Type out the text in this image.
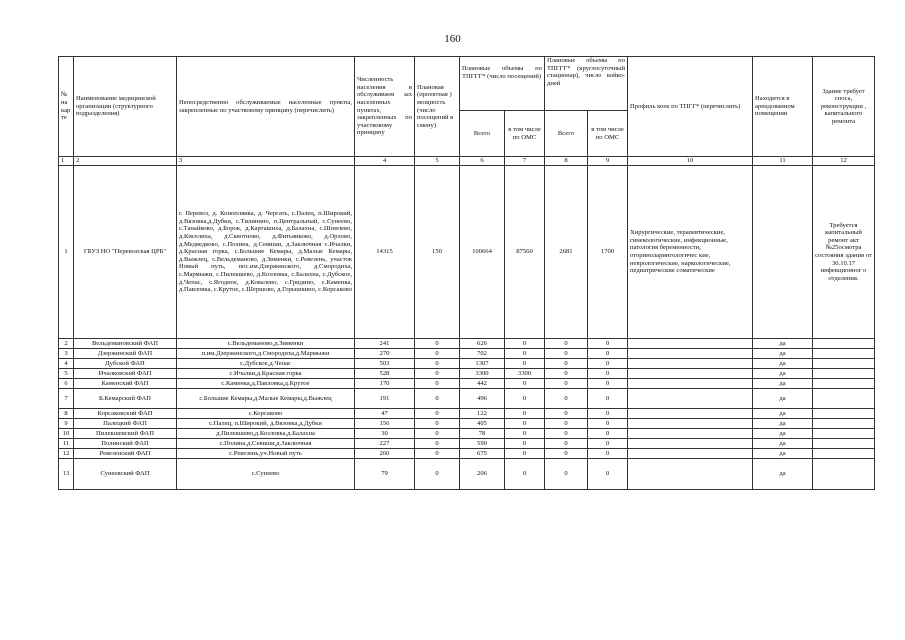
160
№ на кар те	Наименование медицинской организации (структурного подразделения)	Непосредственно обслуживаемые населенные пункты, закрепленные по участковому принципу (перечислить)	Численность населения в обслуживаем ых населенных пунктах, закрепленных по участковому принципу	Плановая (проектная ) мощность (число посещений в смену)	Плановые объемы по ТПГГГ* (число посещений)		Плановые объемы по ТПГГГ* (круглосуточный стационар), число койко-дней		Профиль коек по ТПГГ* (перечислить)	Находится в арендованном помещении	Здание требует сноса, реконструкции , капитального ремонта
					Всего	в том числе по ОМС	Всего	в том числе по ОМС			
1	2	3	4	5	6	7	8	9	10	11	12
1	ГБУЗ НО "Перевозская ЦРБ"	г. Перевоз, д. Конопляика, д. Чергать, с.Палец, п.Широкий, д.Вязовка,д.Дубки, с.Тилинино, п.Центральный, с.Сунеево, с.Танайково, д.Борок, д.Карташиха, д.Балахна, с.Шпилево, д.Киселиха, д.Сквотново, д.Фитьяиково, д.Орлово, д.Медведково, с.Полина, д.Севиши, д.Заключная с.Ичалки, д.Красная горка, с.Большие Кемары, д.Малые Кемары, д.Выжлец, с.Вельдеманово, д.Зименки, с.Ревезень, участок Новый путь, пос.им.Дзержинского, д.Смородиха, с.Мармыжи, с.Пилекшево, д.Козловка, с.Балахна, с.Дубское, д.Чепас, с.Ягодное, д.Ковалево, с.Гридино, с.Каменка, д.Павловка, с.Крутое, с.Шершово, д.Горышкино, с.Корсаково	14315	150	100664	87560	2681	1700	Хирургические, терапевтические, гинекологические, инфекционные, патология беременности, оториноларингологичес кие, неврологические, наркологические, педиатрические соматические		Требуется капитальный ремонт акт №25осмотра состояния здания от 30.10.17 инфекционног о отделения.
2	Вельдемановский ФАП	с.Вельдеманово,д.Зименки	241	0	626	0	0	0		да	
3	Дзержинский ФАП	п.им.Дзержинского,д.Смородиха,д.Мармыжи	270	0	702	0	0	0		да	
4	Дубской ФАП	с.Дубское,д.Чепас	503	0	1307	0	0	0		да	
5	Ичалковский ФАП	с.Ичалки,д.Красная горка	528	0	3300	3300	0	0		да	
6	Каменский ФАП	с.Каменка,д.Павловка,д.Крутое	170	0	442	0	0	0		да	
7	Б.Кемарский ФАП	с.Большие Кемары,д.Малые Кемары,д.Выжлец	191	0	496	0	0	0		да	
8	Корсаковский ФАП	с.Корсаково	47	0	122	0	0	0		да	
9	Палецкий ФАП	с.Палец, п.Широкий, д.Вязовка,д.Дубки	156	0	405	0	0	0		да	
10	Пилекшевский ФАП	д.Пилекшево,д.Козловка,д.Балахна	30	0	78	0	0	0		да	
11	Полинский ФАП	с.Полина,д.Севиши,д.Заключная	227	0	590	0	0	0		да	
12	Ревезенский ФАП	с.Ревезень,уч.Новый путь	260	0	675	0	0	0		да	
13	Сунеевский ФАП	с.Сунеево	79	0	206	0	0	0		да	
